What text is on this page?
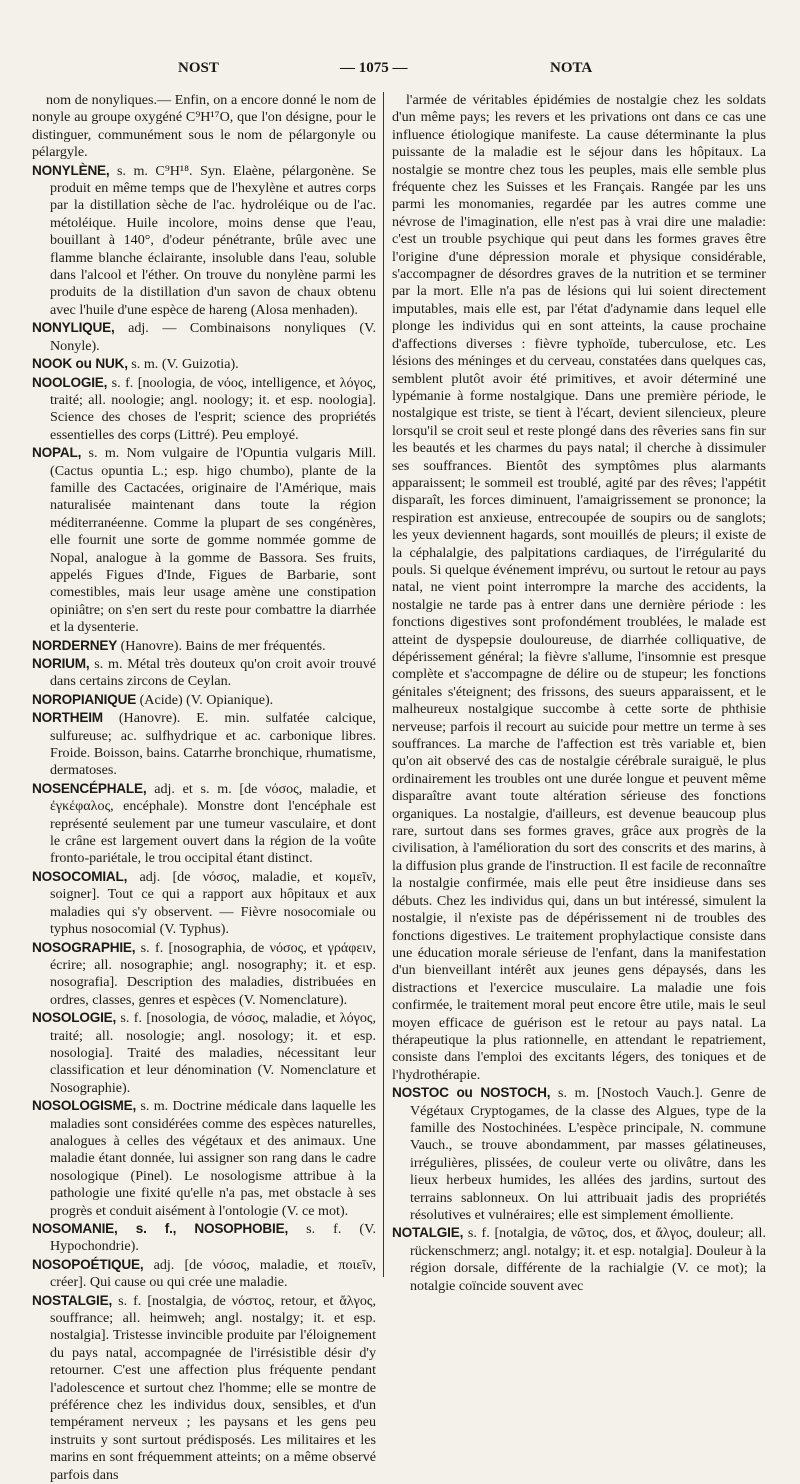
NOST	— 1075 —	NOTA

nom de nonyliques.— Enfin, on a encore donné le nom de nonyle au groupe oxygéné C⁹H¹⁷O, que l'on désigne, pour le distinguer, communément sous le nom de pélargonyle ou pélargyle.

NONYLÈNE, s. m. C⁹H¹⁸. Syn. Elaène, pélargonène. Se produit en même temps que de l'hexylène et autres corps par la distillation sèche de l'ac. hydroléique ou de l'ac. métoléique. Huile incolore, moins dense que l'eau, bouillant à 140°, d'odeur pénétrante, brûle avec une flamme blanche éclairante, insoluble dans l'eau, soluble dans l'alcool et l'éther. On trouve du nonylène parmi les produits de la distillation d'un savon de chaux obtenu avec l'huile d'une espèce de hareng (Alosa menhaden).

NONYLIQUE, adj. — Combinaisons nonyliques (V. Nonyle).

NOOK ou NUK, s. m. (V. Guizotia).

NOOLOGIE, s. f. [noologia, de νόος, intelligence, et λόγος, traité; all. noologie; angl. noology; it. et esp. noologia]. Science des choses de l'esprit; science des propriétés essentielles des corps (Littré). Peu employé.

NOPAL, s. m. Nom vulgaire de l'Opuntia vulgaris Mill. (Cactus opuntia L.; esp. higo chumbo), plante de la famille des Cactacées, originaire de l'Amérique, mais naturalisée maintenant dans toute la région méditerranéenne. Comme la plupart de ses congénères, elle fournit une sorte de gomme nommée gomme de Nopal, analogue à la gomme de Bassora. Ses fruits, appelés Figues d'Inde, Figues de Barbarie, sont comestibles, mais leur usage amène une constipation opiniâtre; on s'en sert du reste pour combattre la diarrhée et la dysenterie.

NORDERNEY (Hanovre). Bains de mer fréquentés.

NORIUM, s. m. Métal très douteux qu'on croit avoir trouvé dans certains zircons de Ceylan.

NOROPIANIQUE (Acide) (V. Opianique).

NORTHEIM (Hanovre). E. min. sulfatée calcique, sulfureuse; ac. sulfhydrique et ac. carbonique libres. Froide. Boisson, bains. Catarrhe bronchique, rhumatisme, dermatoses.

NOSENCÉPHALE, adj. et s. m. [de νόσος, maladie, et ἐγκέφαλος, encéphale). Monstre dont l'encéphale est représenté seulement par une tumeur vasculaire, et dont le crâne est largement ouvert dans la région de la voûte fronto-pariétale, le trou occipital étant distinct.

NOSOCOMIAL, adj. [de νόσος, maladie, et κομεῖν, soigner]. Tout ce qui a rapport aux hôpitaux et aux maladies qui s'y observent. — Fièvre nosocomiale ou typhus nosocomial (V. Typhus).

NOSOGRAPHIE, s. f. [nosographia, de νόσος, et γράφειν, écrire; all. nosographie; angl. nosography; it. et esp. nosografia]. Description des maladies, distribuées en ordres, classes, genres et espèces (V. Nomenclature).

NOSOLOGIE, s. f. [nosologia, de νόσος, maladie, et λόγος, traité; all. nosologie; angl. nosology; it. et esp. nosologia]. Traité des maladies, nécessitant leur classification et leur dénomination (V. Nomenclature et Nosographie).

NOSOLOGISME, s. m. Doctrine médicale dans laquelle les maladies sont considérées comme des espèces naturelles, analogues à celles des végétaux et des animaux. Une maladie étant donnée, lui assigner son rang dans le cadre nosologique (Pinel). Le nosologisme attribue à la pathologie une fixité qu'elle n'a pas, met obstacle à ses progrès et conduit aisément à l'ontologie (V. ce mot).

NOSOMANIE, s. f., NOSOPHOBIE, s. f. (V. Hypochondrie).

NOSOPOÉTIQUE, adj. [de νόσος, maladie, et ποιεῖν, créer]. Qui cause ou qui crée une maladie.

NOSTALGIE, s. f. [nostalgia, de νόστος, retour, et ἄλγος, souffrance; all. heimweh; angl. nostalgy; it. et esp. nostalgia]. Tristesse invincible produite par l'éloignement du pays natal, accompagnée de l'irrésistible désir d'y retourner. C'est une affection plus fréquente pendant l'adolescence et surtout chez l'homme; elle se montre de préférence chez les individus doux, sensibles, et d'un tempérament nerveux ; les paysans et les gens peu instruits y sont surtout prédisposés. Les militaires et les marins en sont fréquemment atteints; on a même observé parfois dans

l'armée de véritables épidémies de nostalgie chez les soldats d'un même pays; les revers et les privations ont dans ce cas une influence étiologique manifeste. La cause déterminante la plus puissante de la maladie est le séjour dans les hôpitaux. La nostalgie se montre chez tous les peuples, mais elle semble plus fréquente chez les Suisses et les Français. Rangée par les uns parmi les monomanies, regardée par les autres comme une névrose de l'imagination, elle n'est pas à vrai dire une maladie: c'est un trouble psychique qui peut dans les formes graves être l'origine d'une dépression morale et physique considérable, s'accompagner de désordres graves de la nutrition et se terminer par la mort. Elle n'a pas de lésions qui lui soient directement imputables, mais elle est, par l'état d'adynamie dans lequel elle plonge les individus qui en sont atteints, la cause prochaine d'affections diverses : fièvre typhoïde, tuberculose, etc. Les lésions des méninges et du cerveau, constatées dans quelques cas, semblent plutôt avoir été primitives, et avoir déterminé une lypémanie à forme nostalgique. Dans une première période, le nostalgique est triste, se tient à l'écart, devient silencieux, pleure lorsqu'il se croit seul et reste plongé dans des rêveries sans fin sur les beautés et les charmes du pays natal; il cherche à dissimuler ses souffrances. Bientôt des symptômes plus alarmants apparaissent; le sommeil est troublé, agité par des rêves; l'appétit disparaît, les forces diminuent, l'amaigrissement se prononce; la respiration est anxieuse, entrecoupée de soupirs ou de sanglots; les yeux deviennent hagards, sont mouillés de pleurs; il existe de la céphalalgie, des palpitations cardiaques, de l'irrégularité du pouls. Si quelque événement imprévu, ou surtout le retour au pays natal, ne vient point interrompre la marche des accidents, la nostalgie ne tarde pas à entrer dans une dernière période : les fonctions digestives sont profondément troublées, le malade est atteint de dyspepsie douloureuse, de diarrhée colliquative, de dépérissement général; la fièvre s'allume, l'insomnie est presque complète et s'accompagne de délire ou de stupeur; les fonctions génitales s'éteignent; des frissons, des sueurs apparaissent, et le malheureux nostalgique succombe à cette sorte de phthisie nerveuse; parfois il recourt au suicide pour mettre un terme à ses souffrances. La marche de l'affection est très variable et, bien qu'on ait observé des cas de nostalgie cérébrale suraiguë, le plus ordinairement les troubles ont une durée longue et peuvent même disparaître avant toute altération sérieuse des fonctions organiques. La nostalgie, d'ailleurs, est devenue beaucoup plus rare, surtout dans ses formes graves, grâce aux progrès de la civilisation, à l'amélioration du sort des conscrits et des marins, à la diffusion plus grande de l'instruction. Il est facile de reconnaître la nostalgie confirmée, mais elle peut être insidieuse dans ses débuts. Chez les individus qui, dans un but intéressé, simulent la nostalgie, il n'existe pas de dépérissement ni de troubles des fonctions digestives. Le traitement prophylactique consiste dans une éducation morale sérieuse de l'enfant, dans la manifestation d'un bienveillant intérêt aux jeunes gens dépaysés, dans les distractions et l'exercice musculaire. La maladie une fois confirmée, le traitement moral peut encore être utile, mais le seul moyen efficace de guérison est le retour au pays natal. La thérapeutique la plus rationnelle, en attendant le repatriement, consiste dans l'emploi des excitants légers, des toniques et de l'hydrothérapie.

NOSTOC ou NOSTOCH, s. m. [Nostoch Vauch.]. Genre de Végétaux Cryptogames, de la classe des Algues, type de la famille des Nostochinées. L'espèce principale, N. commune Vauch., se trouve abondamment, par masses gélatineuses, irrégulières, plissées, de couleur verte ou olivâtre, dans les lieux herbeux humides, les allées des jardins, surtout des terrains sablonneux. On lui attribuait jadis des propriétés résolutives et vulnéraires; elle est simplement émolliente.

NOTALGIE, s. f. [notalgia, de νῶτος, dos, et ἄλγος, douleur; all. rückenschmerz; angl. notalgy; it. et esp. notalgia]. Douleur à la région dorsale, différente de la rachialgie (V. ce mot); la notalgie coïncide souvent avec
